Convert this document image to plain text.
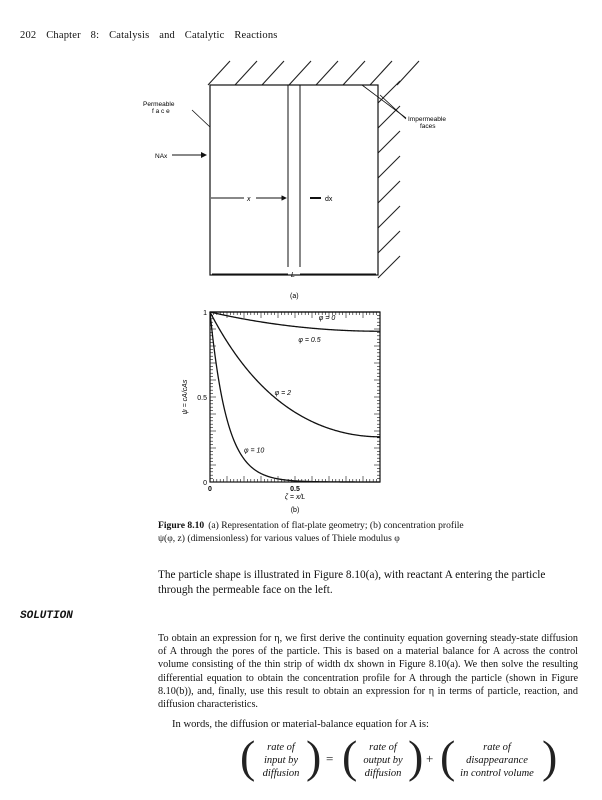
202 Chapter 8: Catalysis and Catalytic Reactions
Permeable
f a c e
Impermeable
faces
NAx
x	dx
L
(a)
0	0.5
0
0.5
1
φ = 0
φ = 0.5
φ = 2
φ = 10
ψ = cA/cAs
ζ = x/L
(b)
Figure 8.10 (a) Representation of flat-plate geometry; (b) concentration profile ψ(φ, z) (dimensionless) for various values of Thiele modulus φ
The particle shape is illustrated in Figure 8.10(a), with reactant A entering the particle through the permeable face on the left.
SOLUTION

To obtain an expression for η, we first derive the continuity equation governing steady-state diffusion of A through the pores of the particle. This is based on a material balance for A across the control volume consisting of the thin strip of width dx shown in Figure 8.10(a). We then solve the resulting differential equation to obtain the concentration profile for A through the particle (shown in Figure 8.10(b)), and, finally, use this result to obtain an expression for η in terms of particle, reaction, and diffusion characteristics.

In words, the diffusion or material-balance equation for A is:
(	rate of
input by
diffusion ) = (	rate of
output by
diffusion ) + (	rate of
disappearance
in control volume )
